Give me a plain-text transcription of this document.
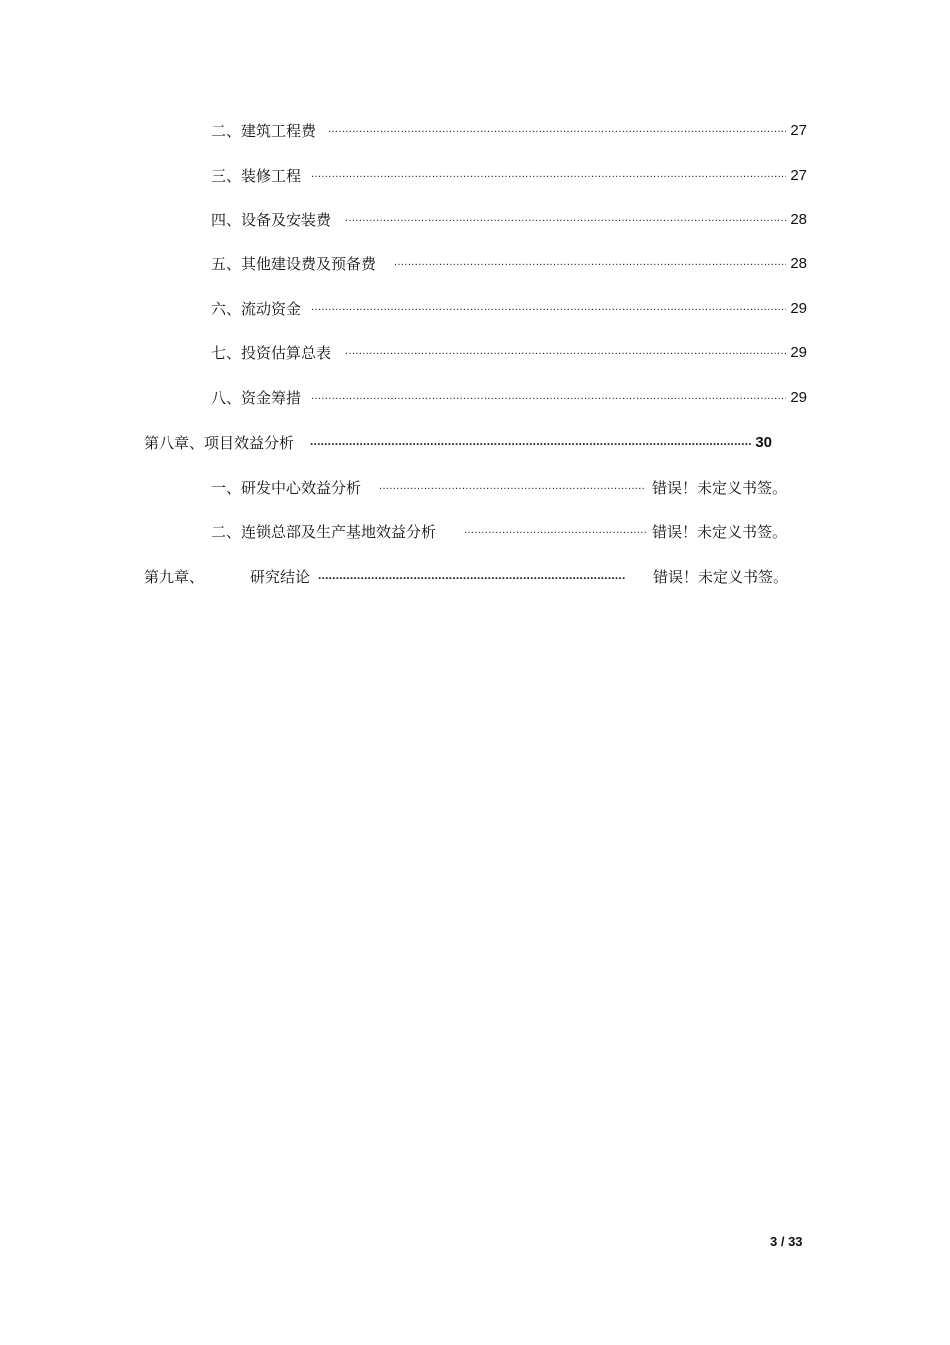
二、建筑工程费 .....	27
三、装修工程 .....	27
四、设备及安装费 .....	28
五、其他建设费及预备费 .....	28
六、流动资金 .....	29
七、投资估算总表 .....	29
八、资金筹措 .....	29
第八章、项目效益分析 .....	30
一、研发中心效益分析 .....	错误！未定义书签。
二、连锁总部及生产基地效益分析 .....	错误！未定义书签。
第九章、	研究结论 .....	错误！未定义书签。
3 / 33
